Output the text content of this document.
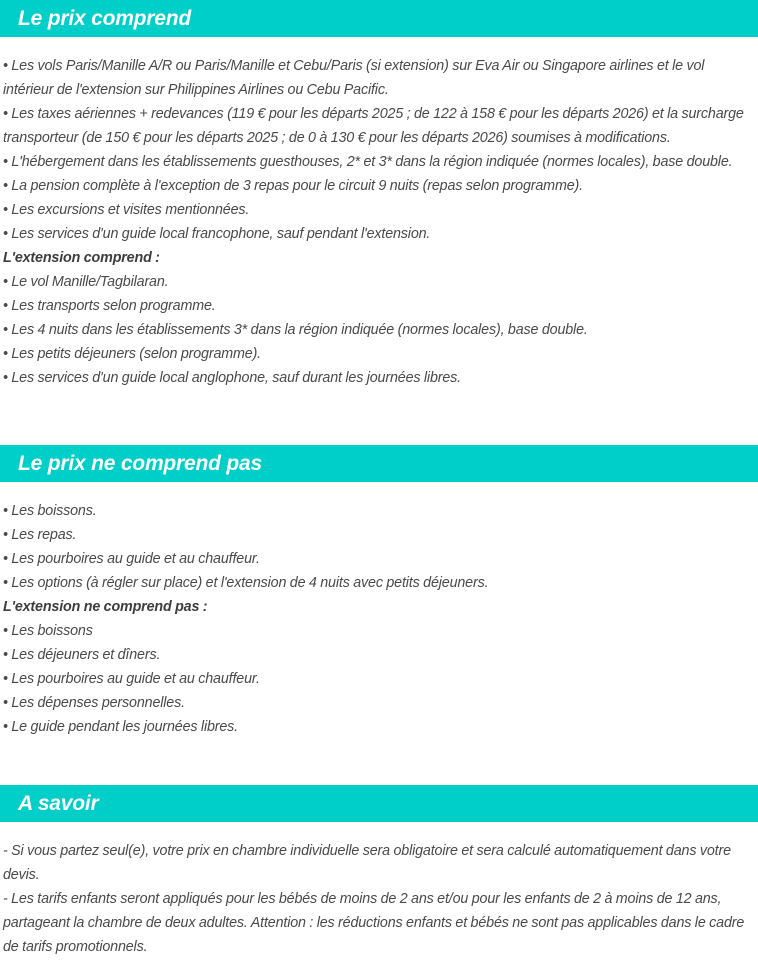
Le prix comprend

• Les vols Paris/Manille A/R ou Paris/Manille et Cebu/Paris (si extension) sur Eva Air ou Singapore airlines et le vol intérieur de l'extension sur Philippines Airlines ou Cebu Pacific.

• Les taxes aériennes + redevances (119 € pour les départs 2025 ; de 122 à 158 € pour les départs 2026) et la surcharge transporteur (de 150 € pour les départs 2025 ; de 0 à 130 € pour les départs 2026) soumises à modifications.

• L'hébergement dans les établissements guesthouses, 2* et 3* dans la région indiquée (normes locales), base double.

• La pension complète à l'exception de 3 repas pour le circuit 9 nuits (repas selon programme).

• Les excursions et visites mentionnées.

• Les services d'un guide local francophone, sauf pendant l'extension.

L'extension comprend :

• Le vol Manille/Tagbilaran.

• Les transports selon programme.

• Les 4 nuits dans les établissements 3* dans la région indiquée (normes locales), base double.

• Les petits déjeuners (selon programme).

• Les services d'un guide local anglophone, sauf durant les journées libres.

Le prix ne comprend pas

• Les boissons.

• Les repas.

• Les pourboires au guide et au chauffeur.

• Les options (à régler sur place) et l'extension de 4 nuits avec petits déjeuners.

L'extension ne comprend pas :

• Les boissons

• Les déjeuners et dîners.

• Les pourboires au guide et au chauffeur.

• Les dépenses personnelles.

• Le guide pendant les journées libres.

A savoir

- Si vous partez seul(e), votre prix en chambre individuelle sera obligatoire et sera calculé automatiquement dans votre devis.

- Les tarifs enfants seront appliqués pour les bébés de moins de 2 ans et/ou pour les enfants de 2 à moins de 12 ans, partageant la chambre de deux adultes. Attention : les réductions enfants et bébés ne sont pas applicables dans le cadre de tarifs promotionnels.
